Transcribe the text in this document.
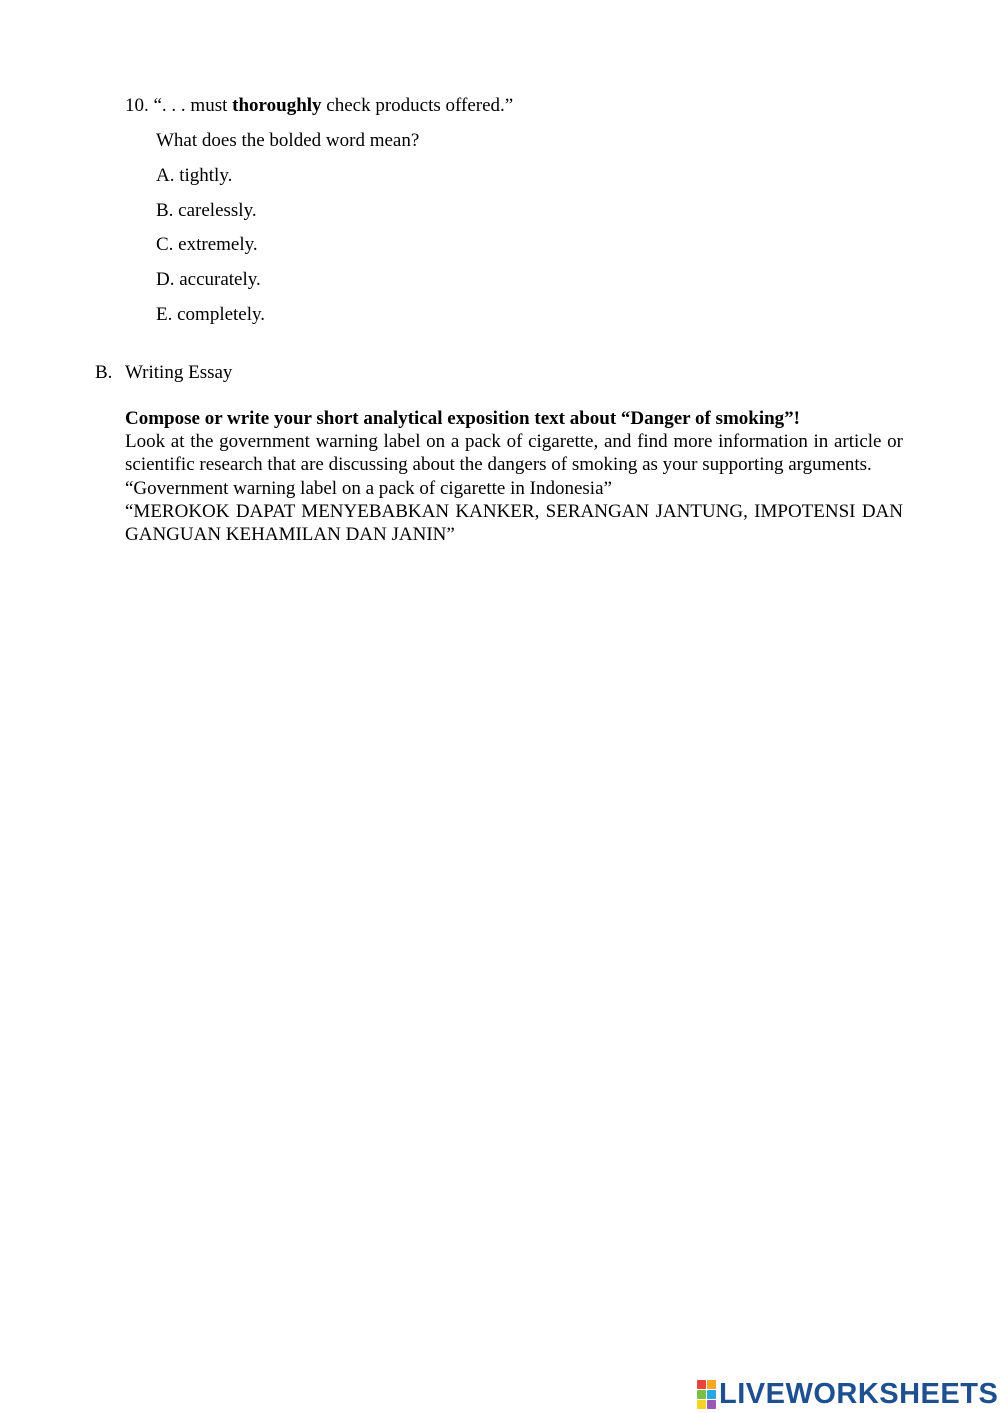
10. “. . . must thoroughly check products offered.”
What does the bolded word mean?
A. tightly.
B. carelessly.
C. extremely.
D. accurately.
E. completely.
B. Writing Essay

Compose or write your short analytical exposition text about “Danger of smoking”!

Look at the government warning label on a pack of cigarette, and find more information in article or scientific research that are discussing about the dangers of smoking as your supporting arguments.

“Government warning label on a pack of cigarette in Indonesia”

“MEROKOK DAPAT MENYEBABKAN KANKER, SERANGAN JANTUNG, IMPOTENSI DAN GANGUAN KEHAMILAN DAN JANIN”

LIVEWORKSHEETS
